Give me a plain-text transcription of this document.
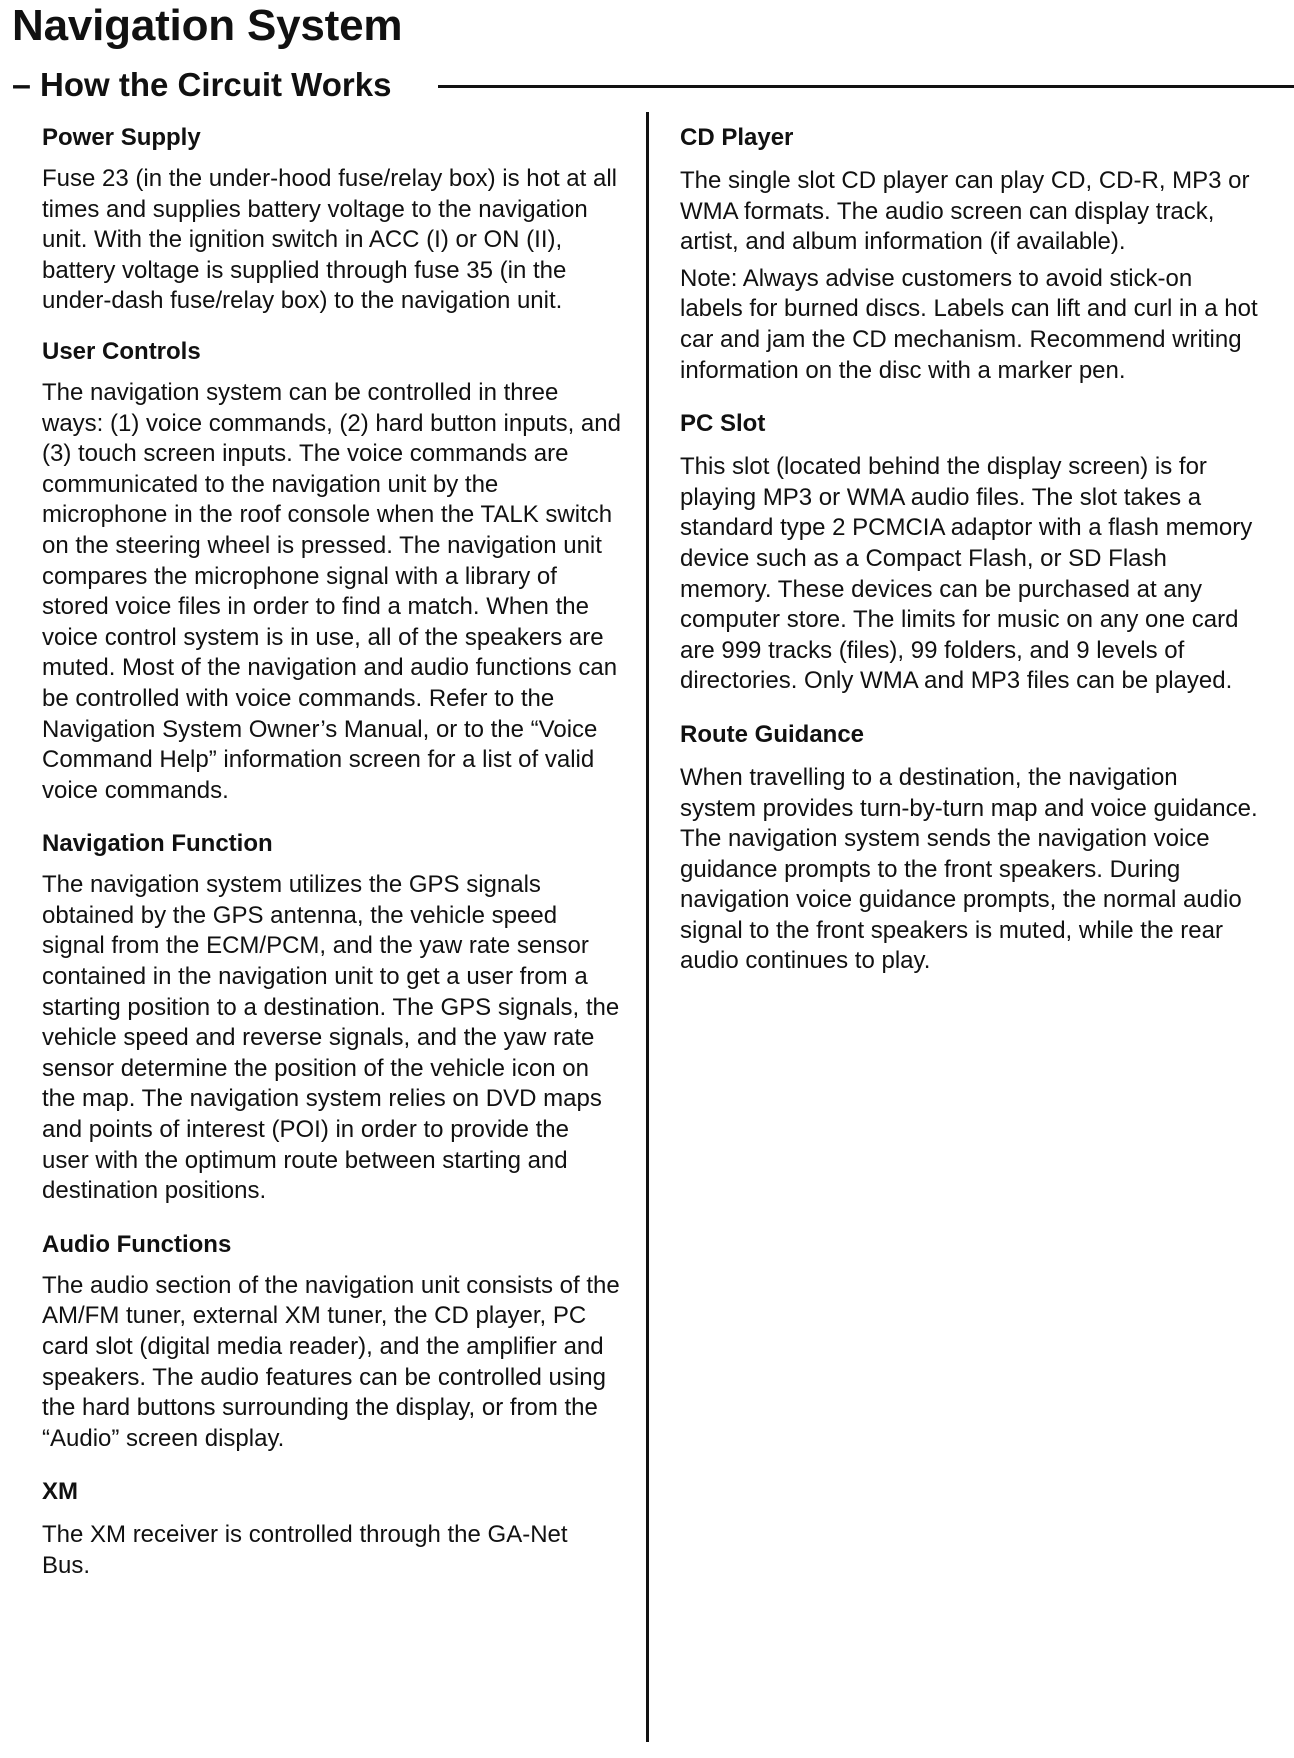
Navigation System
– How the Circuit Works
Power Supply

Fuse 23 (in the under-hood fuse/relay box) is hot at all times and supplies battery voltage to the navigation unit. With the ignition switch in ACC (I) or ON (II), battery voltage is supplied through fuse 35 (in the under-dash fuse/relay box) to the navigation unit.

User Controls

The navigation system can be controlled in three ways: (1) voice commands, (2) hard button inputs, and (3) touch screen inputs. The voice commands are communicated to the navigation unit by the microphone in the roof console when the TALK switch on the steering wheel is pressed. The navigation unit compares the microphone signal with a library of stored voice files in order to find a match. When the voice control system is in use, all of the speakers are muted. Most of the navigation and audio functions can be controlled with voice commands. Refer to the Navigation System Owner’s Manual, or to the “Voice Command Help” information screen for a list of valid voice commands.

Navigation Function

The navigation system utilizes the GPS signals obtained by the GPS antenna, the vehicle speed signal from the ECM/PCM, and the yaw rate sensor contained in the navigation unit to get a user from a starting position to a destination. The GPS signals, the vehicle speed and reverse signals, and the yaw rate sensor determine the position of the vehicle icon on the map. The navigation system relies on DVD maps and points of interest (POI) in order to provide the user with the optimum route between starting and destination positions.

Audio Functions

The audio section of the navigation unit consists of the AM/FM tuner, external XM tuner, the CD player, PC card slot (digital media reader), and the amplifier and speakers. The audio features can be controlled using the hard buttons surrounding the display, or from the “Audio” screen display.

XM

The XM receiver is controlled through the GA-Net Bus.

CD Player

The single slot CD player can play CD, CD-R, MP3 or WMA formats. The audio screen can display track, artist, and album information (if available).

Note: Always advise customers to avoid stick-on labels for burned discs. Labels can lift and curl in a hot car and jam the CD mechanism. Recommend writing information on the disc with a marker pen.

PC Slot

This slot (located behind the display screen) is for playing MP3 or WMA audio files. The slot takes a standard type 2 PCMCIA adaptor with a flash memory device such as a Compact Flash, or SD Flash memory. These devices can be purchased at any computer store. The limits for music on any one card are 999 tracks (files), 99 folders, and 9 levels of directories. Only WMA and MP3 files can be played.

Route Guidance

When travelling to a destination, the navigation system provides turn-by-turn map and voice guidance. The navigation system sends the navigation voice guidance prompts to the front speakers. During navigation voice guidance prompts, the normal audio signal to the front speakers is muted, while the rear audio continues to play.
